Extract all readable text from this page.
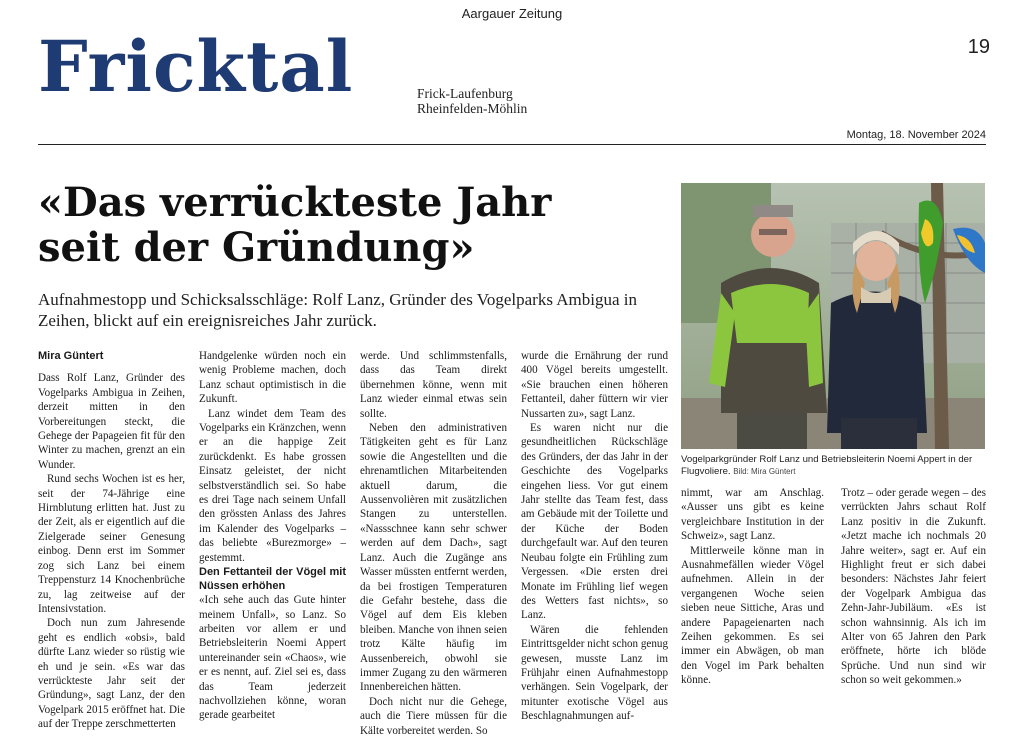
Aargauer Zeitung
19
Fricktal	Frick-Laufenburg
Rheinfelden-Möhlin
Montag, 18. November 2024
«Das verrückteste Jahr
seit der Gründung»

Aufnahmestopp und Schicksalsschläge: Rolf Lanz, Gründer des Vogelparks Ambigua in Zeihen, blickt auf ein ereignisreiches Jahr zurück.

Mira Güntert

Dass Rolf Lanz, Gründer des Vogelparks Ambigua in Zeihen, derzeit mitten in den Vorbereitungen steckt, die Gehege der Papageien fit für den Winter zu machen, grenzt an ein Wunder.

Rund sechs Wochen ist es her, seit der 74-Jährige eine Hirnblutung erlitten hat. Just zu der Zeit, als er eigentlich auf die Zielgerade seiner Genesung einbog. Denn erst im Sommer zog sich Lanz bei einem Treppensturz 14 Knochenbrüche zu, lag zeitweise auf der Intensivstation.

Doch nun zum Jahresende geht es endlich «obsi», bald dürfte Lanz wieder so rüstig wie eh und je sein. «Es war das verrückteste Jahr seit der Gründung», sagt Lanz, der den Vogelpark 2015 eröffnet hat. Die auf der Treppe zerschmetterten

Handgelenke würden noch ein wenig Probleme machen, doch Lanz schaut optimistisch in die Zukunft.

Lanz windet dem Team des Vogelparks ein Kränzchen, wenn er an die happige Zeit zurückdenkt. Es habe grossen Einsatz geleistet, der nicht selbstverständlich sei. So habe es drei Tage nach seinem Unfall den grössten Anlass des Jahres im Kalender des Vogelparks – das beliebte «Burezmorge» – gestemmt.

Den Fettanteil der Vögel mit Nüssen erhöhen

«Ich sehe auch das Gute hinter meinem Unfall», so Lanz. So arbeiten vor allem er und Betriebsleiterin Noemi Appert untereinander sein «Chaos», wie er es nennt, auf. Ziel sei es, dass das Team jederzeit nachvollziehen könne, woran gerade gearbeitet

werde. Und schlimmstenfalls, dass das Team direkt übernehmen könne, wenn mit Lanz wieder einmal etwas sein sollte.

Neben den administrativen Tätigkeiten geht es für Lanz sowie die Angestellten und die ehrenamtlichen Mitarbeitenden aktuell darum, die Aussenvolièren mit zusätzlichen Stangen zu unterstellen. «Nassschnee kann sehr schwer werden auf dem Dach», sagt Lanz. Auch die Zugänge ans Wasser müssten entfernt werden, da bei frostigen Temperaturen die Gefahr bestehe, dass die Vögel auf dem Eis kleben bleiben. Manche von ihnen seien trotz Kälte häufig im Aussenbereich, obwohl sie immer Zugang zu den wärmeren Innenbereichen hätten.

Doch nicht nur die Gehege, auch die Tiere müssen für die Kälte vorbereitet werden. So

wurde die Ernährung der rund 400 Vögel bereits umgestellt. «Sie brauchen einen höheren Fettanteil, daher füttern wir vier Nussarten zu», sagt Lanz.

Es waren nicht nur die gesundheitlichen Rückschläge des Gründers, der das Jahr in der Geschichte des Vogelparks eingehen liess. Vor gut einem Jahr stellte das Team fest, dass am Gebäude mit der Toilette und der Küche der Boden durchgefault war. Auf den teuren Neubau folgte ein Frühling zum Vergessen. «Die ersten drei Monate im Frühling lief wegen des Wetters fast nichts», so Lanz.

Wären die fehlenden Eintrittsgelder nicht schon genug gewesen, musste Lanz im Frühjahr einen Aufnahmestopp verhängen. Sein Vogelpark, der mitunter exotische Vögel aus Beschlagnahmungen auf-

Vogelparkgründer Rolf Lanz und Betriebsleiterin Noemi Appert in der Flugvoliere. Bild: Mira Güntert

nimmt, war am Anschlag. «Ausser uns gibt es keine vergleichbare Institution in der Schweiz», sagt Lanz.

Mittlerweile könne man in Ausnahmefällen wieder Vögel aufnehmen. Allein in der vergangenen Woche seien sieben neue Sittiche, Aras und andere Papageienarten nach Zeihen gekommen. Es sei immer ein Abwägen, ob man den Vogel im Park behalten könne.

Trotz – oder gerade wegen – des verrückten Jahrs schaut Rolf Lanz positiv in die Zukunft. «Jetzt mache ich nochmals 20 Jahre weiter», sagt er. Auf ein Highlight freut er sich dabei besonders: Nächstes Jahr feiert der Vogelpark Ambigua das Zehn-Jahr-Jubiläum. «Es ist schon wahnsinnig. Als ich im Alter von 65 Jahren den Park eröffnete, hörte ich blöde Sprüche. Und nun sind wir schon so weit gekommen.»
